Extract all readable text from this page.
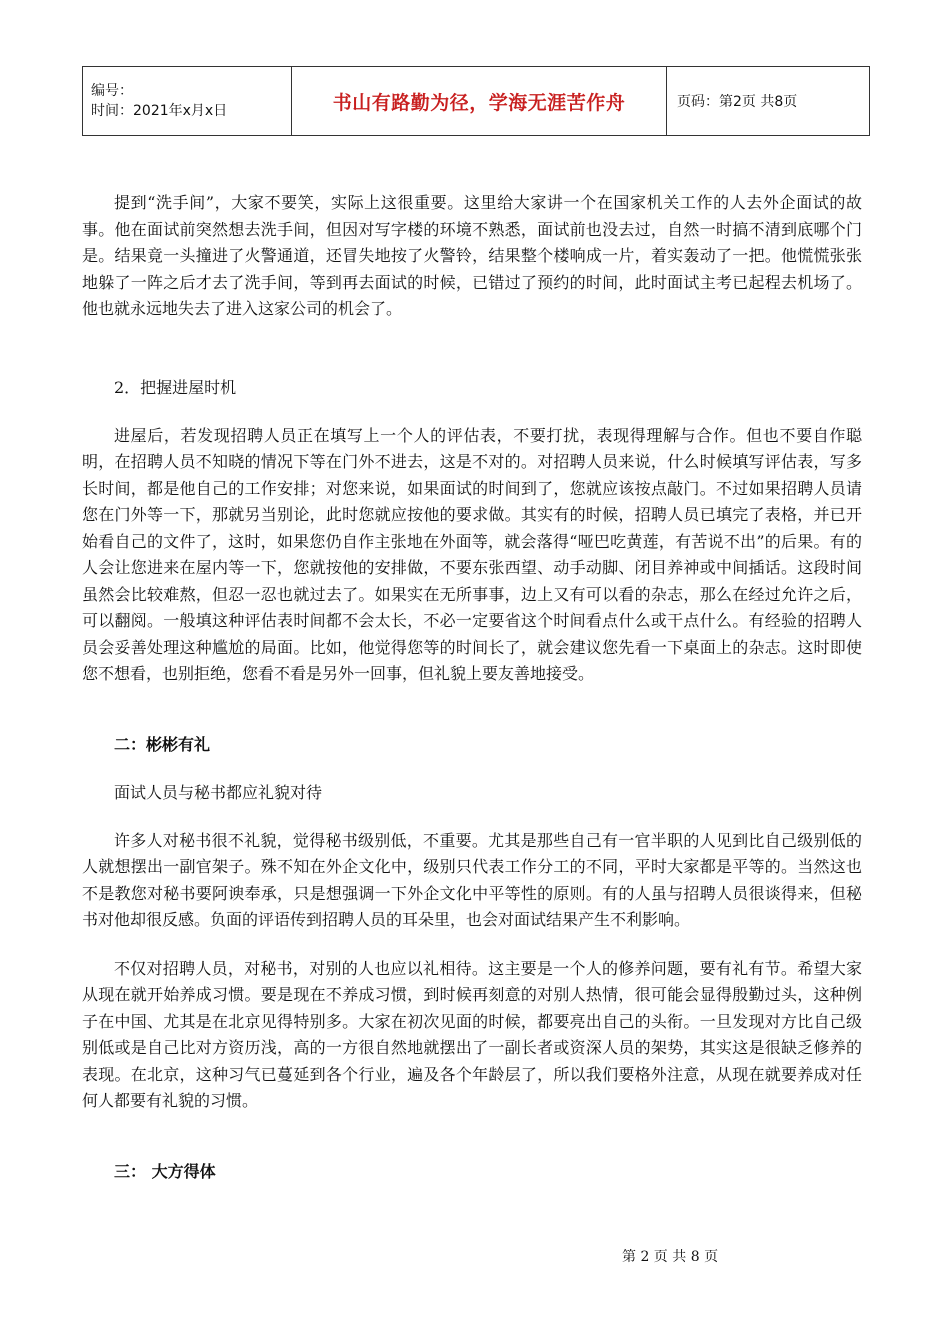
编号：
时间：2021年x月x日	书山有路勤为径，学海无涯苦作舟	页码：第2页 共8页

提到“洗手间”，大家不要笑，实际上这很重要。这里给大家讲一个在国家机关工作的人去外企面试的故事。他在面试前突然想去洗手间，但因对写字楼的环境不熟悉，面试前也没去过，自然一时搞不清到底哪个门是。结果竟一头撞进了火警通道，还冒失地按了火警铃，结果整个楼响成一片，着实轰动了一把。他慌慌张张地躲了一阵之后才去了洗手间，等到再去面试的时候，已错过了预约的时间，此时面试主考已起程去机场了。他也就永远地失去了进入这家公司的机会了。

2．把握进屋时机

进屋后，若发现招聘人员正在填写上一个人的评估表，不要打扰，表现得理解与合作。但也不要自作聪明，在招聘人员不知晓的情况下等在门外不进去，这是不对的。对招聘人员来说，什么时候填写评估表，写多长时间，都是他自己的工作安排；对您来说，如果面试的时间到了，您就应该按点敲门。不过如果招聘人员请您在门外等一下，那就另当别论，此时您就应按他的要求做。其实有的时候，招聘人员已填完了表格，并已开始看自己的文件了，这时，如果您仍自作主张地在外面等，就会落得“哑巴吃黄莲，有苦说不出”的后果。有的人会让您进来在屋内等一下，您就按他的安排做，不要东张西望、动手动脚、闭目养神或中间插话。这段时间虽然会比较难熬，但忍一忍也就过去了。如果实在无所事事，边上又有可以看的杂志，那么在经过允许之后，可以翻阅。一般填这种评估表时间都不会太长，不必一定要省这个时间看点什么或干点什么。有经验的招聘人员会妥善处理这种尴尬的局面。比如，他觉得您等的时间长了，就会建议您先看一下桌面上的杂志。这时即使您不想看，也别拒绝，您看不看是另外一回事，但礼貌上要友善地接受。

二：彬彬有礼

面试人员与秘书都应礼貌对待

许多人对秘书很不礼貌，觉得秘书级别低，不重要。尤其是那些自己有一官半职的人见到比自己级别低的人就想摆出一副官架子。殊不知在外企文化中，级别只代表工作分工的不同，平时大家都是平等的。当然这也不是教您对秘书要阿谀奉承，只是想强调一下外企文化中平等性的原则。有的人虽与招聘人员很谈得来，但秘书对他却很反感。负面的评语传到招聘人员的耳朵里，也会对面试结果产生不利影响。

不仅对招聘人员，对秘书，对别的人也应以礼相待。这主要是一个人的修养问题，要有礼有节。希望大家从现在就开始养成习惯。要是现在不养成习惯，到时候再刻意的对别人热情，很可能会显得殷勤过头，这种例子在中国、尤其是在北京见得特别多。大家在初次见面的时候，都要亮出自己的头衔。一旦发现对方比自己级别低或是自己比对方资历浅，高的一方很自然地就摆出了一副长者或资深人员的架势，其实这是很缺乏修养的表现。在北京，这种习气已蔓延到各个行业，遍及各个年龄层了，所以我们要格外注意，从现在就要养成对任何人都要有礼貌的习惯。

三： 大方得体

第 2 页 共 8 页
